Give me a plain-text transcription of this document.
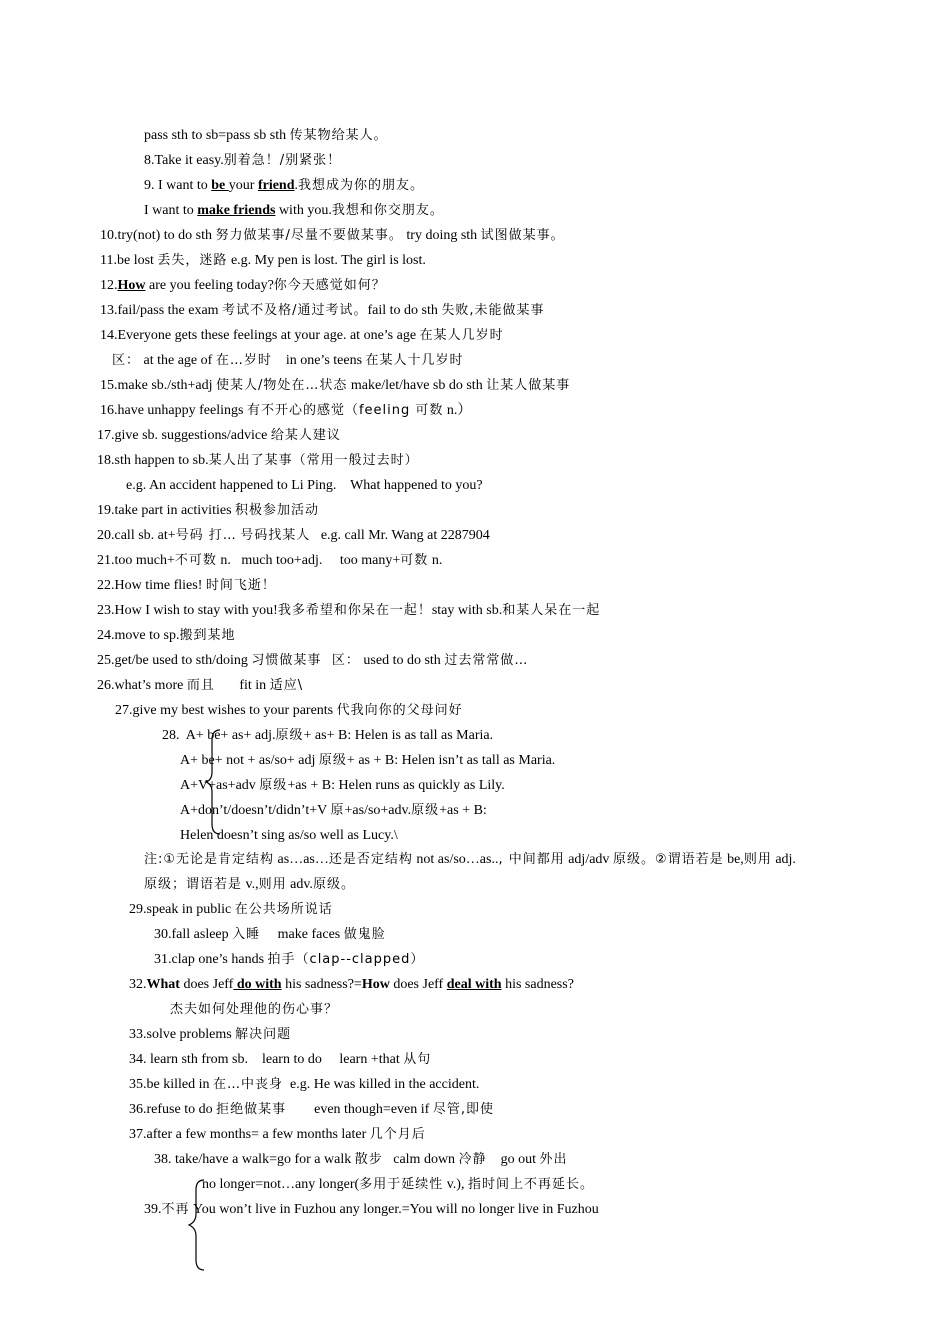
pass sth to sb=pass sb sth 传某物给某人。
8.Take it easy.别着急！/别紧张！
9. I want to be your friend.我想成为你的朋友。
I want to make friends with you.我想和你交朋友。
10.try(not) to do sth 努力做某事/尽量不要做某事。 try doing sth 试图做某事。
11.be lost 丢失，迷路 e.g. My pen is lost. The girl is lost.
12.How are you feeling today?你今天感觉如何？
13.fail/pass the exam 考试不及格/通过考试。fail to do sth 失败,未能做某事
14.Everyone gets these feelings at your age. at one’s age 在某人几岁时
区： at the age of 在…岁时    in one’s teens 在某人十几岁时
15.make sb./sth+adj 使某人/物处在…状态 make/let/have sb do sth 让某人做某事
16.have unhappy feelings 有不开心的感觉（feeling 可数 n.）
17.give sb. suggestions/advice 给某人建议
18.sth happen to sb.某人出了某事（常用一般过去时）
e.g. An accident happened to Li Ping.    What happened to you?
19.take part in activities 积极参加活动
20.call sb. at+号码 打… 号码找某人   e.g. call Mr. Wang at 2287904
21.too much+不可数 n.   much too+adj.     too many+可数 n.
22.How time flies! 时间飞逝！
23.How I wish to stay with you!我多希望和你呆在一起！stay with sb.和某人呆在一起
24.move to sp.搬到某地
25.get/be used to sth/doing 习惯做某事 区： used to do sth 过去常常做…
26.what’s more 而且       fit in 适应\
27.give my best wishes to your parents 代我向你的父母问好
28.  A+ be+ as+ adj.原级+ as+ B: Helen is as tall as Maria.
A+ be+ not + as/so+ adj 原级+ as + B: Helen isn’t as tall as Maria.
A+V+as+adv 原级+as + B: Helen runs as quickly as Lily.
A+don’t/doesn’t/didn’t+V 原+as/so+adv.原级+as + B:
Helen doesn’t sing as/so well as Lucy.\
注:①无论是肯定结构 as…as…还是否定结构 not as/so…as.., 中间都用 adj/adv 原级。②谓语若是 be,则用 adj.
原级；谓语若是 v.,则用 adv.原级。
29.speak in public 在公共场所说话
30.fall asleep 入睡     make faces 做鬼脸
31.clap one’s hands 拍手（clap--clapped）
32.What does Jeff do with his sadness?=How does Jeff deal with his sadness?
杰夫如何处理他的伤心事？
33.solve problems 解决问题
34. learn sth from sb.    learn to do     learn +that 从句
35.be killed in 在…中丧身  e.g. He was killed in the accident.
36.refuse to do 拒绝做某事        even though=even if 尽管,即使
37.after a few months= a few months later 几个月后
38. take/have a walk=go for a walk 散步   calm down 冷静    go out 外出
no longer=not…any longer(多用于延续性 v.), 指时间上不再延长。
39.不再 You won’t live in Fuzhou any longer.=You will no longer live in Fuzhou
